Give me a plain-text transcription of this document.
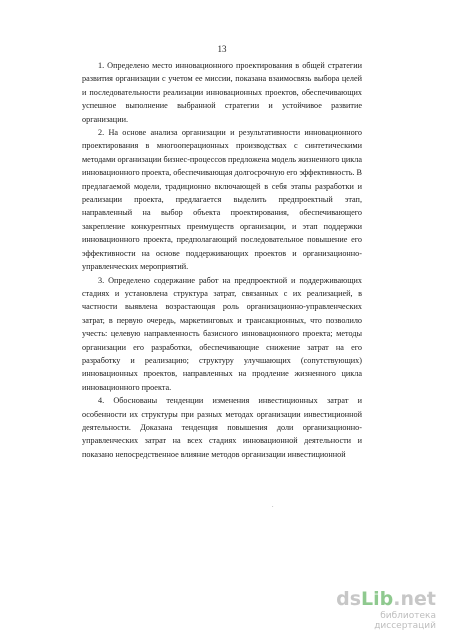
13

1. Определено место инновационного проектирования в общей стратегии развития организации с учетом ее миссии, показана взаимосвязь выбора целей и последовательности реализации инновационных проектов, обеспечивающих успешное выполнение выбранной стратегии и устойчивое развитие организации.

2. На основе анализа организации и результативности инновационного проектирования в многооперационных производствах с синтетическими методами организации бизнес-процессов предложена модель жизненного цикла инновационного проекта, обеспечивающая долгосрочную его эффективность. В предлагаемой модели, традиционно включающей в себя этапы разработки и реализации проекта, предлагается выделить предпроектный этап, направленный на выбор объекта проектирования, обеспечивающего закрепление конкурентных преимуществ организации, и этап поддержки инновационного проекта, предполагающий последовательное повышение его эффективности на основе поддерживающих проектов и организационно-управленческих мероприятий.

3. Определено содержание работ на предпроектной и поддерживающих стадиях и установлена структура затрат, связанных с их реализацией, в частности выявлена возрастающая роль организационно-управленческих затрат, в первую очередь, маркетинговых и трансакционных, что позволило учесть: целевую направленность базисного инновационного проекта; методы организации его разработки, обеспечивающие снижение затрат на его разработку и реализацию; структуру улучшающих (сопутствующих) инновационных проектов, направленных на продление жизненного цикла инновационного проекта.

4. Обоснованы тенденции изменения инвестиционных затрат и особенности их структуры при разных методах организации инвестиционной деятельности. Доказана тенденция повышения доли организационно-управленческих затрат на всех стадиях инновационной деятельности и показано непосредственное влияние методов организации инвестиционной

.
ds Lib . net
библиотека диссертаций
